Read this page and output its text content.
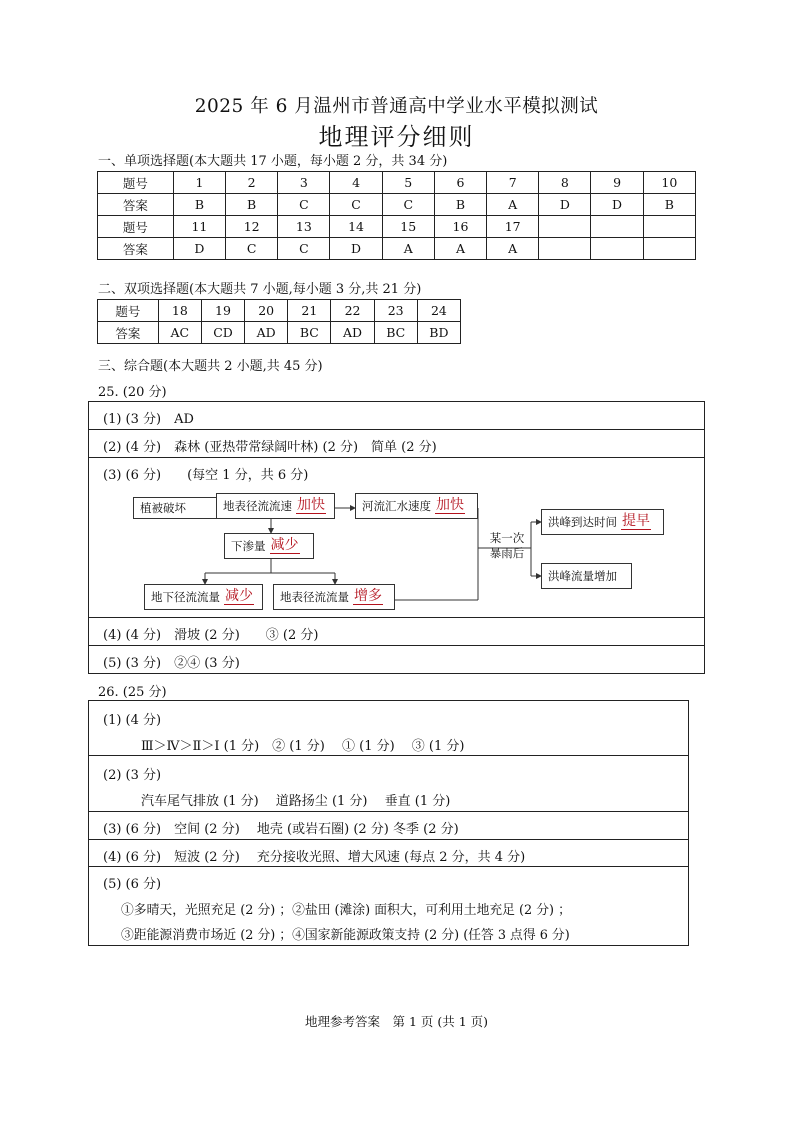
2025 年 6 月温州市普通高中学业水平模拟测试
地理评分细则
一、单项选择题(本大题共 17 小题，每小题 2 分，共 34 分)
题号	1	2	3	4	5	6	7	8	9	10
答案	B	B	C	C	C	B	A	D	D	B
题号	11	12	13	14	15	16	17			
答案	D	C	C	D	A	A	A			
二、双项选择题(本大题共 7 小题,每小题 3 分,共 21 分)
题号	18	19	20	21	22	23	24
答案	AC	CD	AD	BC	AD	BC	BD
三、综合题(本大题共 2 小题,共 45 分)
25. (20 分)
(1) (3 分)　AD
(2) (4 分)　森林 (亚热带常绿阔叶林) (2 分)　简单 (2 分)
(3) (6 分)　　(每空 1 分，共 6 分)
植被破坏	地表径流流速 加快	河流汇水速度 加快
下渗量 减少
地下径流流量 减少 地表径流流量 增多
某一次
暴雨后
洪峰到达时间 提早
洪峰流量增加
(4) (4 分)　滑坡 (2 分)　　③ (2 分)
(5) (3 分)　②④ (3 分)
26. (25 分)
(1) (4 分)
Ⅲ＞Ⅳ＞Ⅱ＞Ⅰ (1 分)　② (1 分)　 ① (1 分)　 ③ (1 分)
(2) (3 分)
汽车尾气排放 (1 分)　 道路扬尘 (1 分)　 垂直 (1 分)
(3) (6 分)　空间 (2 分)　 地壳 (或岩石圈) (2 分) 冬季 (2 分)
(4) (6 分)　短波 (2 分)　 充分接收光照、增大风速 (每点 2 分，共 4 分)
(5) (6 分)
①多晴天，光照充足 (2 分) ；②盐田 (滩涂) 面积大，可利用土地充足 (2 分) ；
③距能源消费市场近 (2 分) ；④国家新能源政策支持 (2 分) (任答 3 点得 6 分)
地理参考答案　第 1 页 (共 1 页)
